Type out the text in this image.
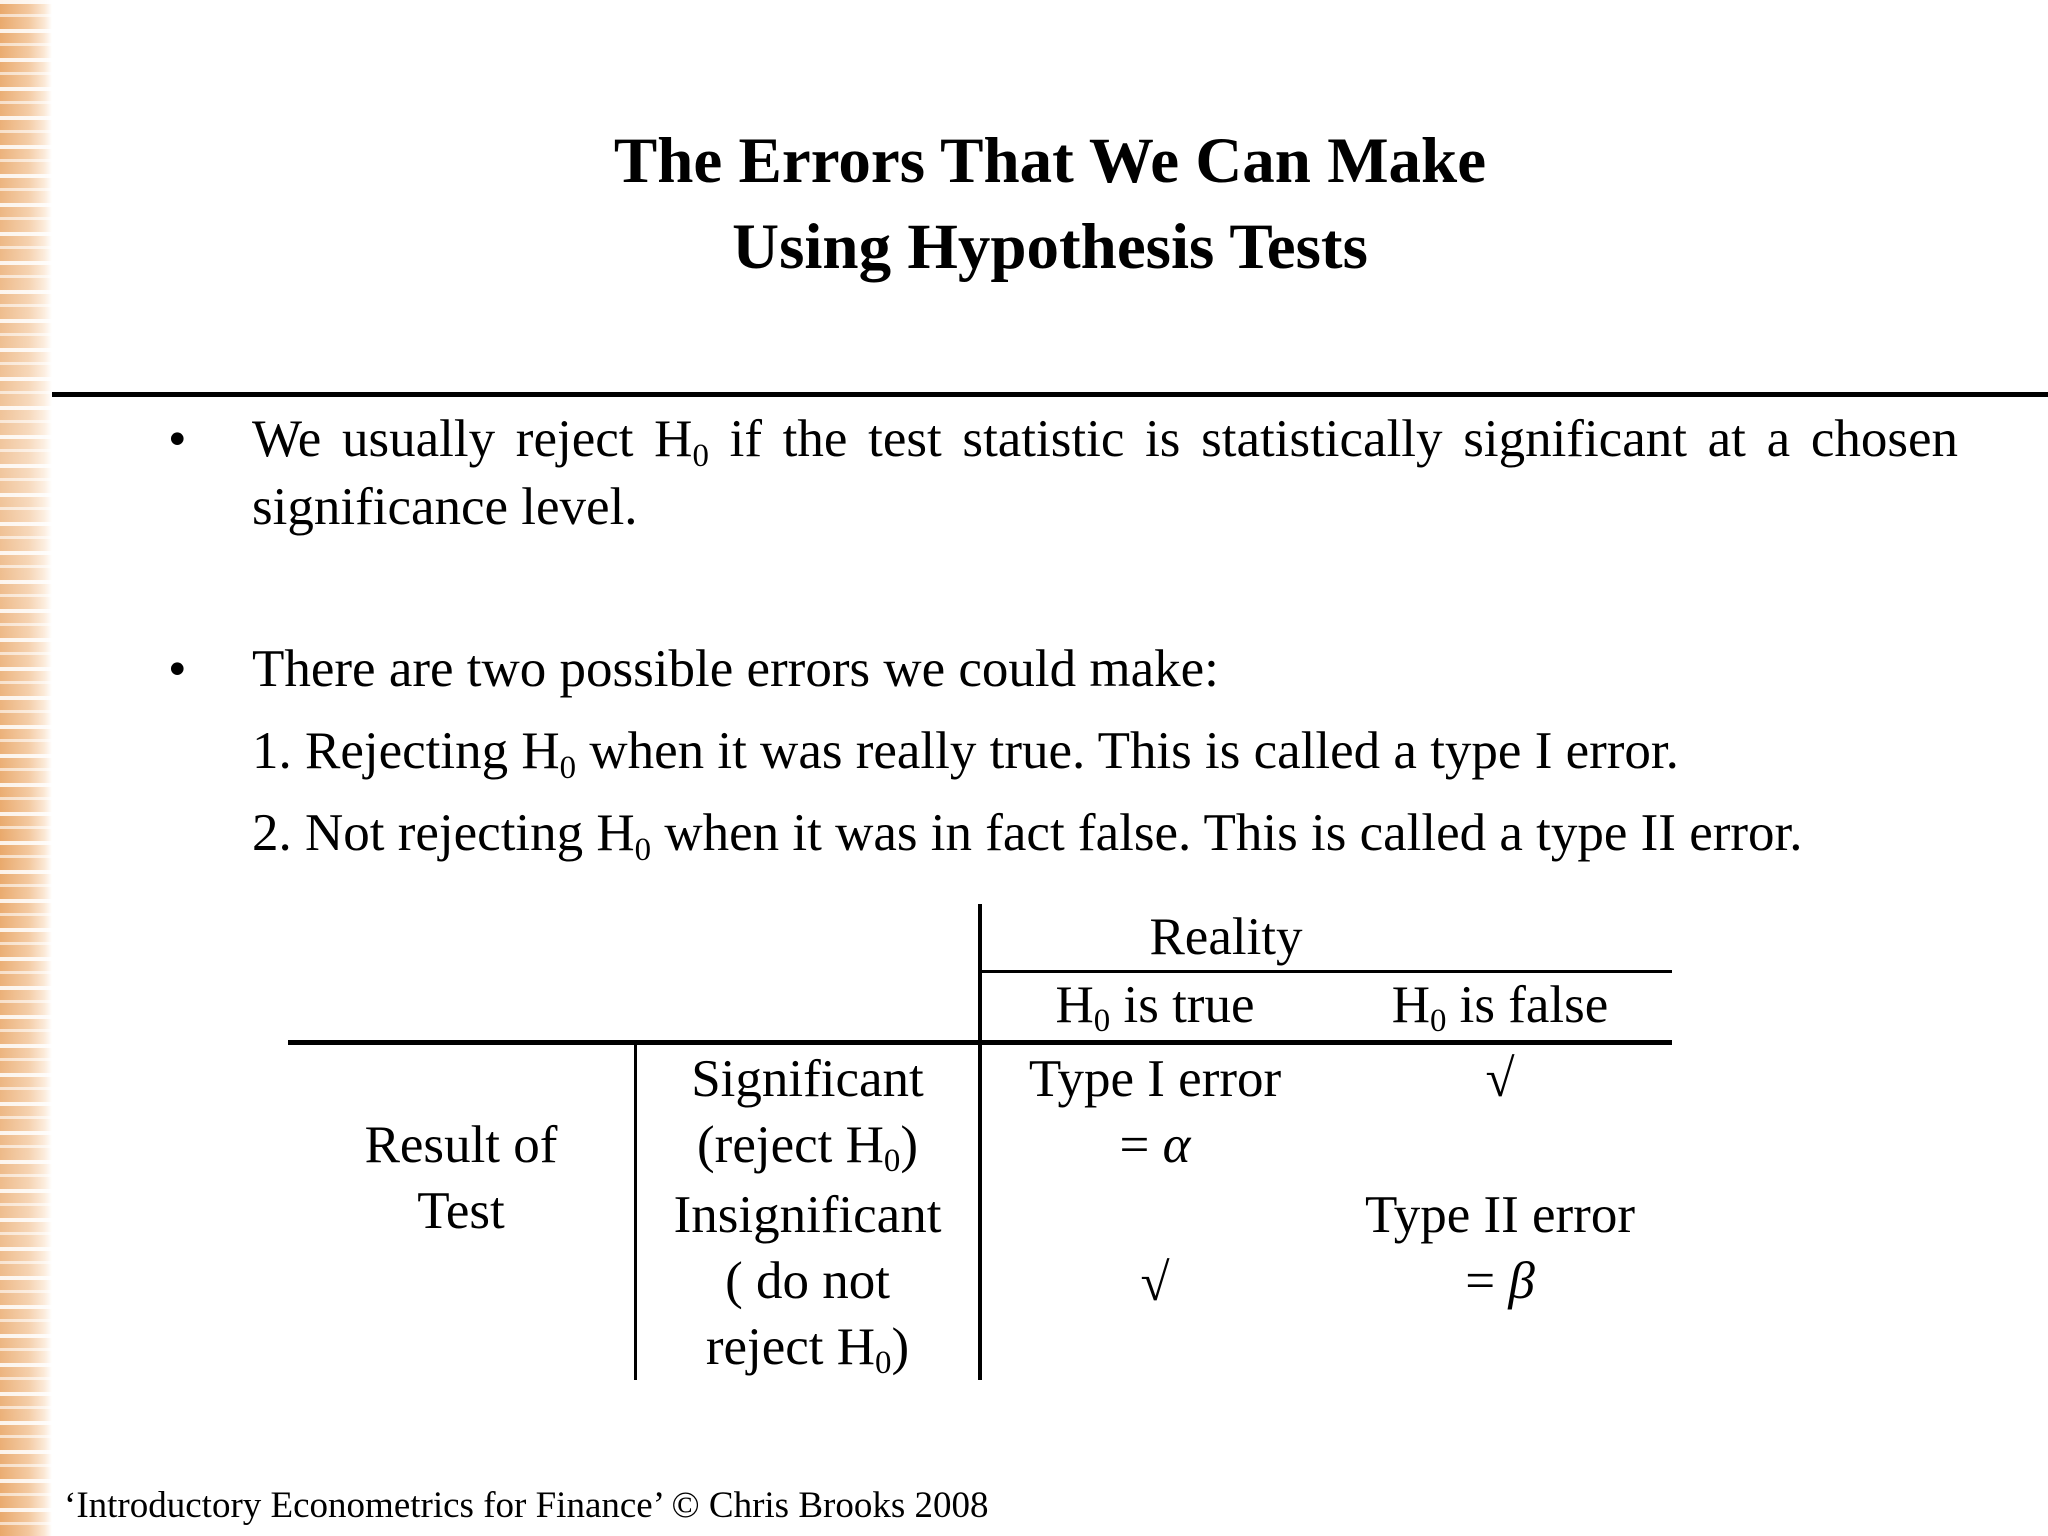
The Errors That We Can Make
Using Hypothesis Tests
• We usually reject $H_0$ if the test statistic is statistically significant at a chosen significance level.
• There are two possible errors we could make:
1. Rejecting $H_0$ when it was really true. This is called a type I error.
2. Not rejecting $H_0$ when it was in fact false. This is called a type II error.
Reality
H0 is true	H0 is false
Result of
Test
Significant
(reject H0)
Insignificant
( do not
reject H0)
Type I error
= α
√
√
Type II error
= β
‘Introductory Econometrics for Finance’ © Chris Brooks 2008
